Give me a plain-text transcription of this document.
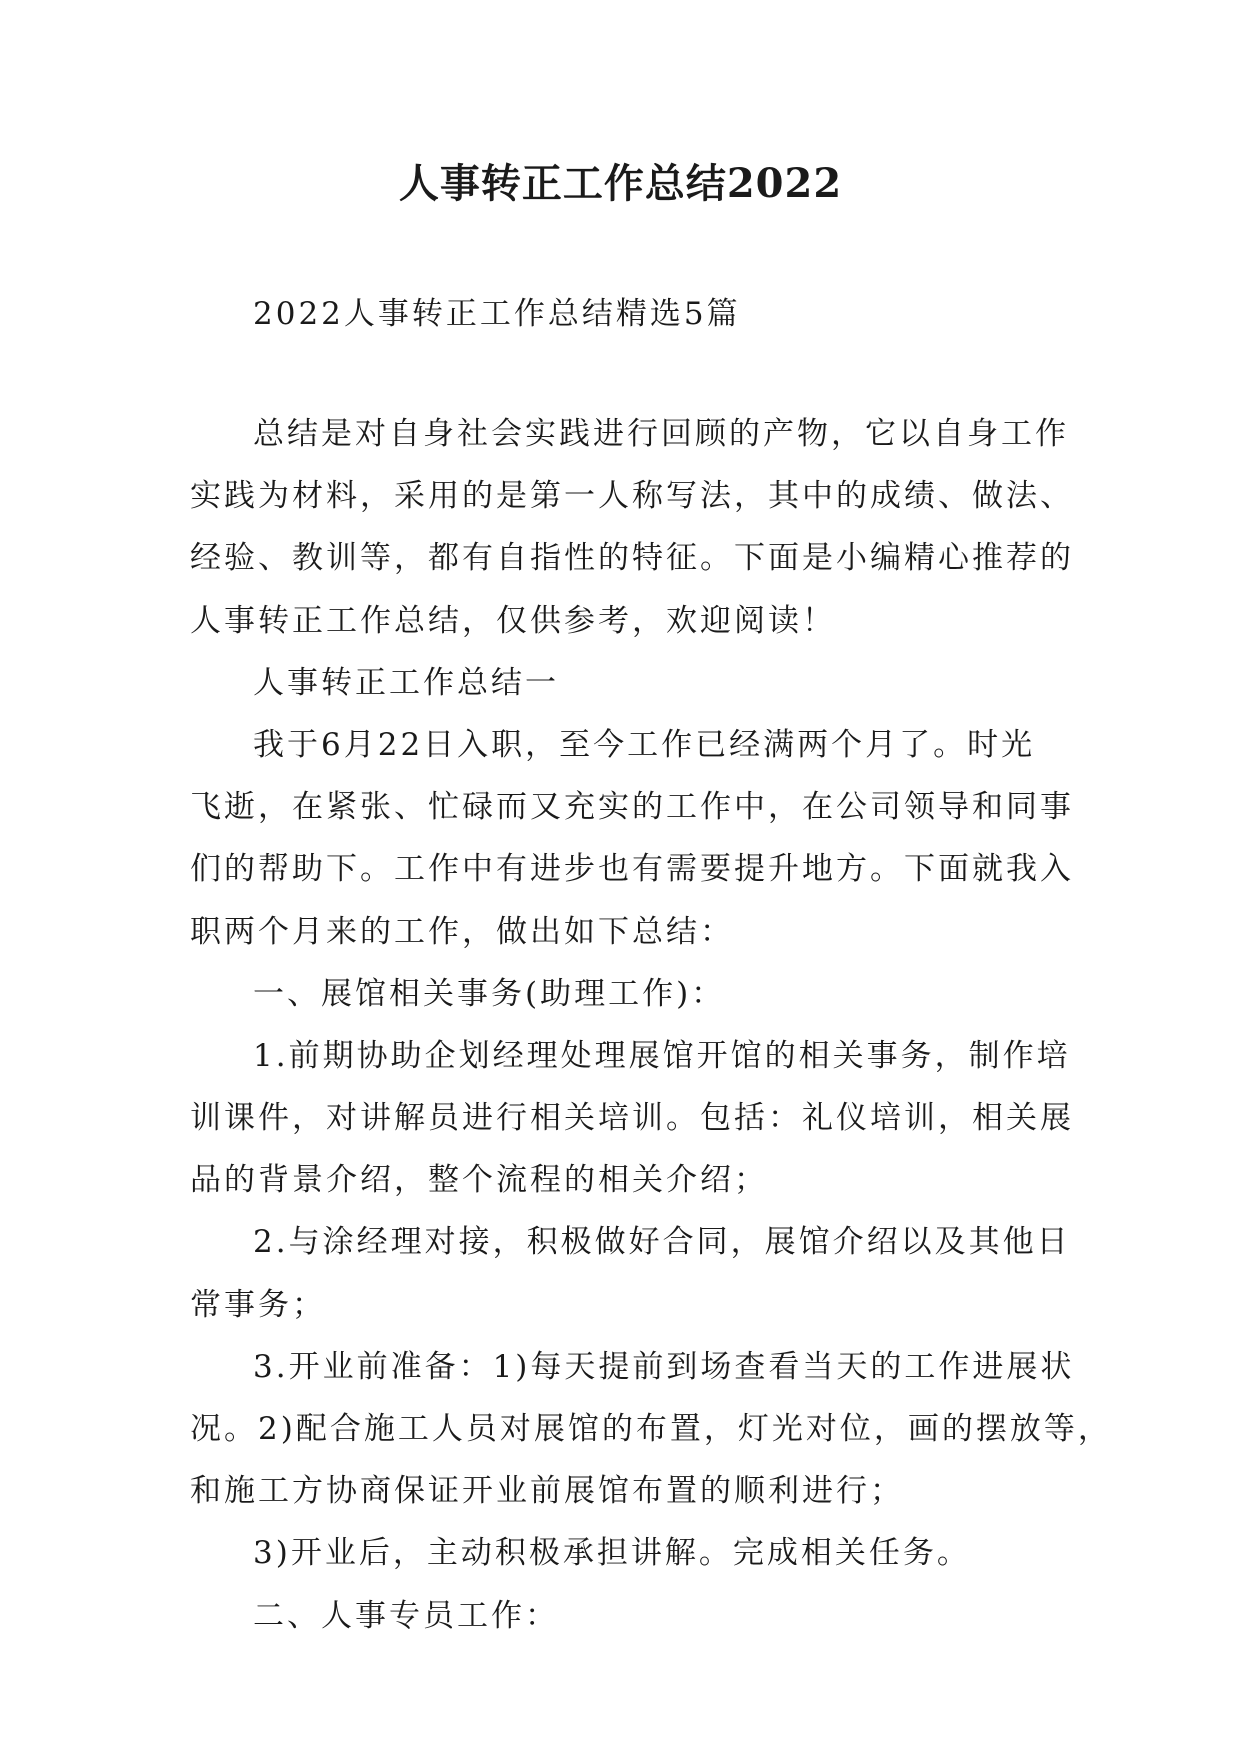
人事转正工作总结2022
2022人事转正工作总结精选5篇
总结是对自身社会实践进行回顾的产物，它以自身工作
实践为材料，采用的是第一人称写法，其中的成绩、做法、
经验、教训等，都有自指性的特征。下面是小编精心推荐的
人事转正工作总结，仅供参考，欢迎阅读！
人事转正工作总结一
我于6月22日入职，至今工作已经满两个月了。时光
飞逝，在紧张、忙碌而又充实的工作中，在公司领导和同事
们的帮助下。工作中有进步也有需要提升地方。下面就我入
职两个月来的工作，做出如下总结：
一、展馆相关事务(助理工作)：
1.前期协助企划经理处理展馆开馆的相关事务，制作培
训课件，对讲解员进行相关培训。包括：礼仪培训，相关展
品的背景介绍，整个流程的相关介绍；
2.与涂经理对接，积极做好合同，展馆介绍以及其他日
常事务；
3.开业前准备：1)每天提前到场查看当天的工作进展状
况。2)配合施工人员对展馆的布置，灯光对位，画的摆放等，
和施工方协商保证开业前展馆布置的顺利进行；
3)开业后，主动积极承担讲解。完成相关任务。
二、人事专员工作：
